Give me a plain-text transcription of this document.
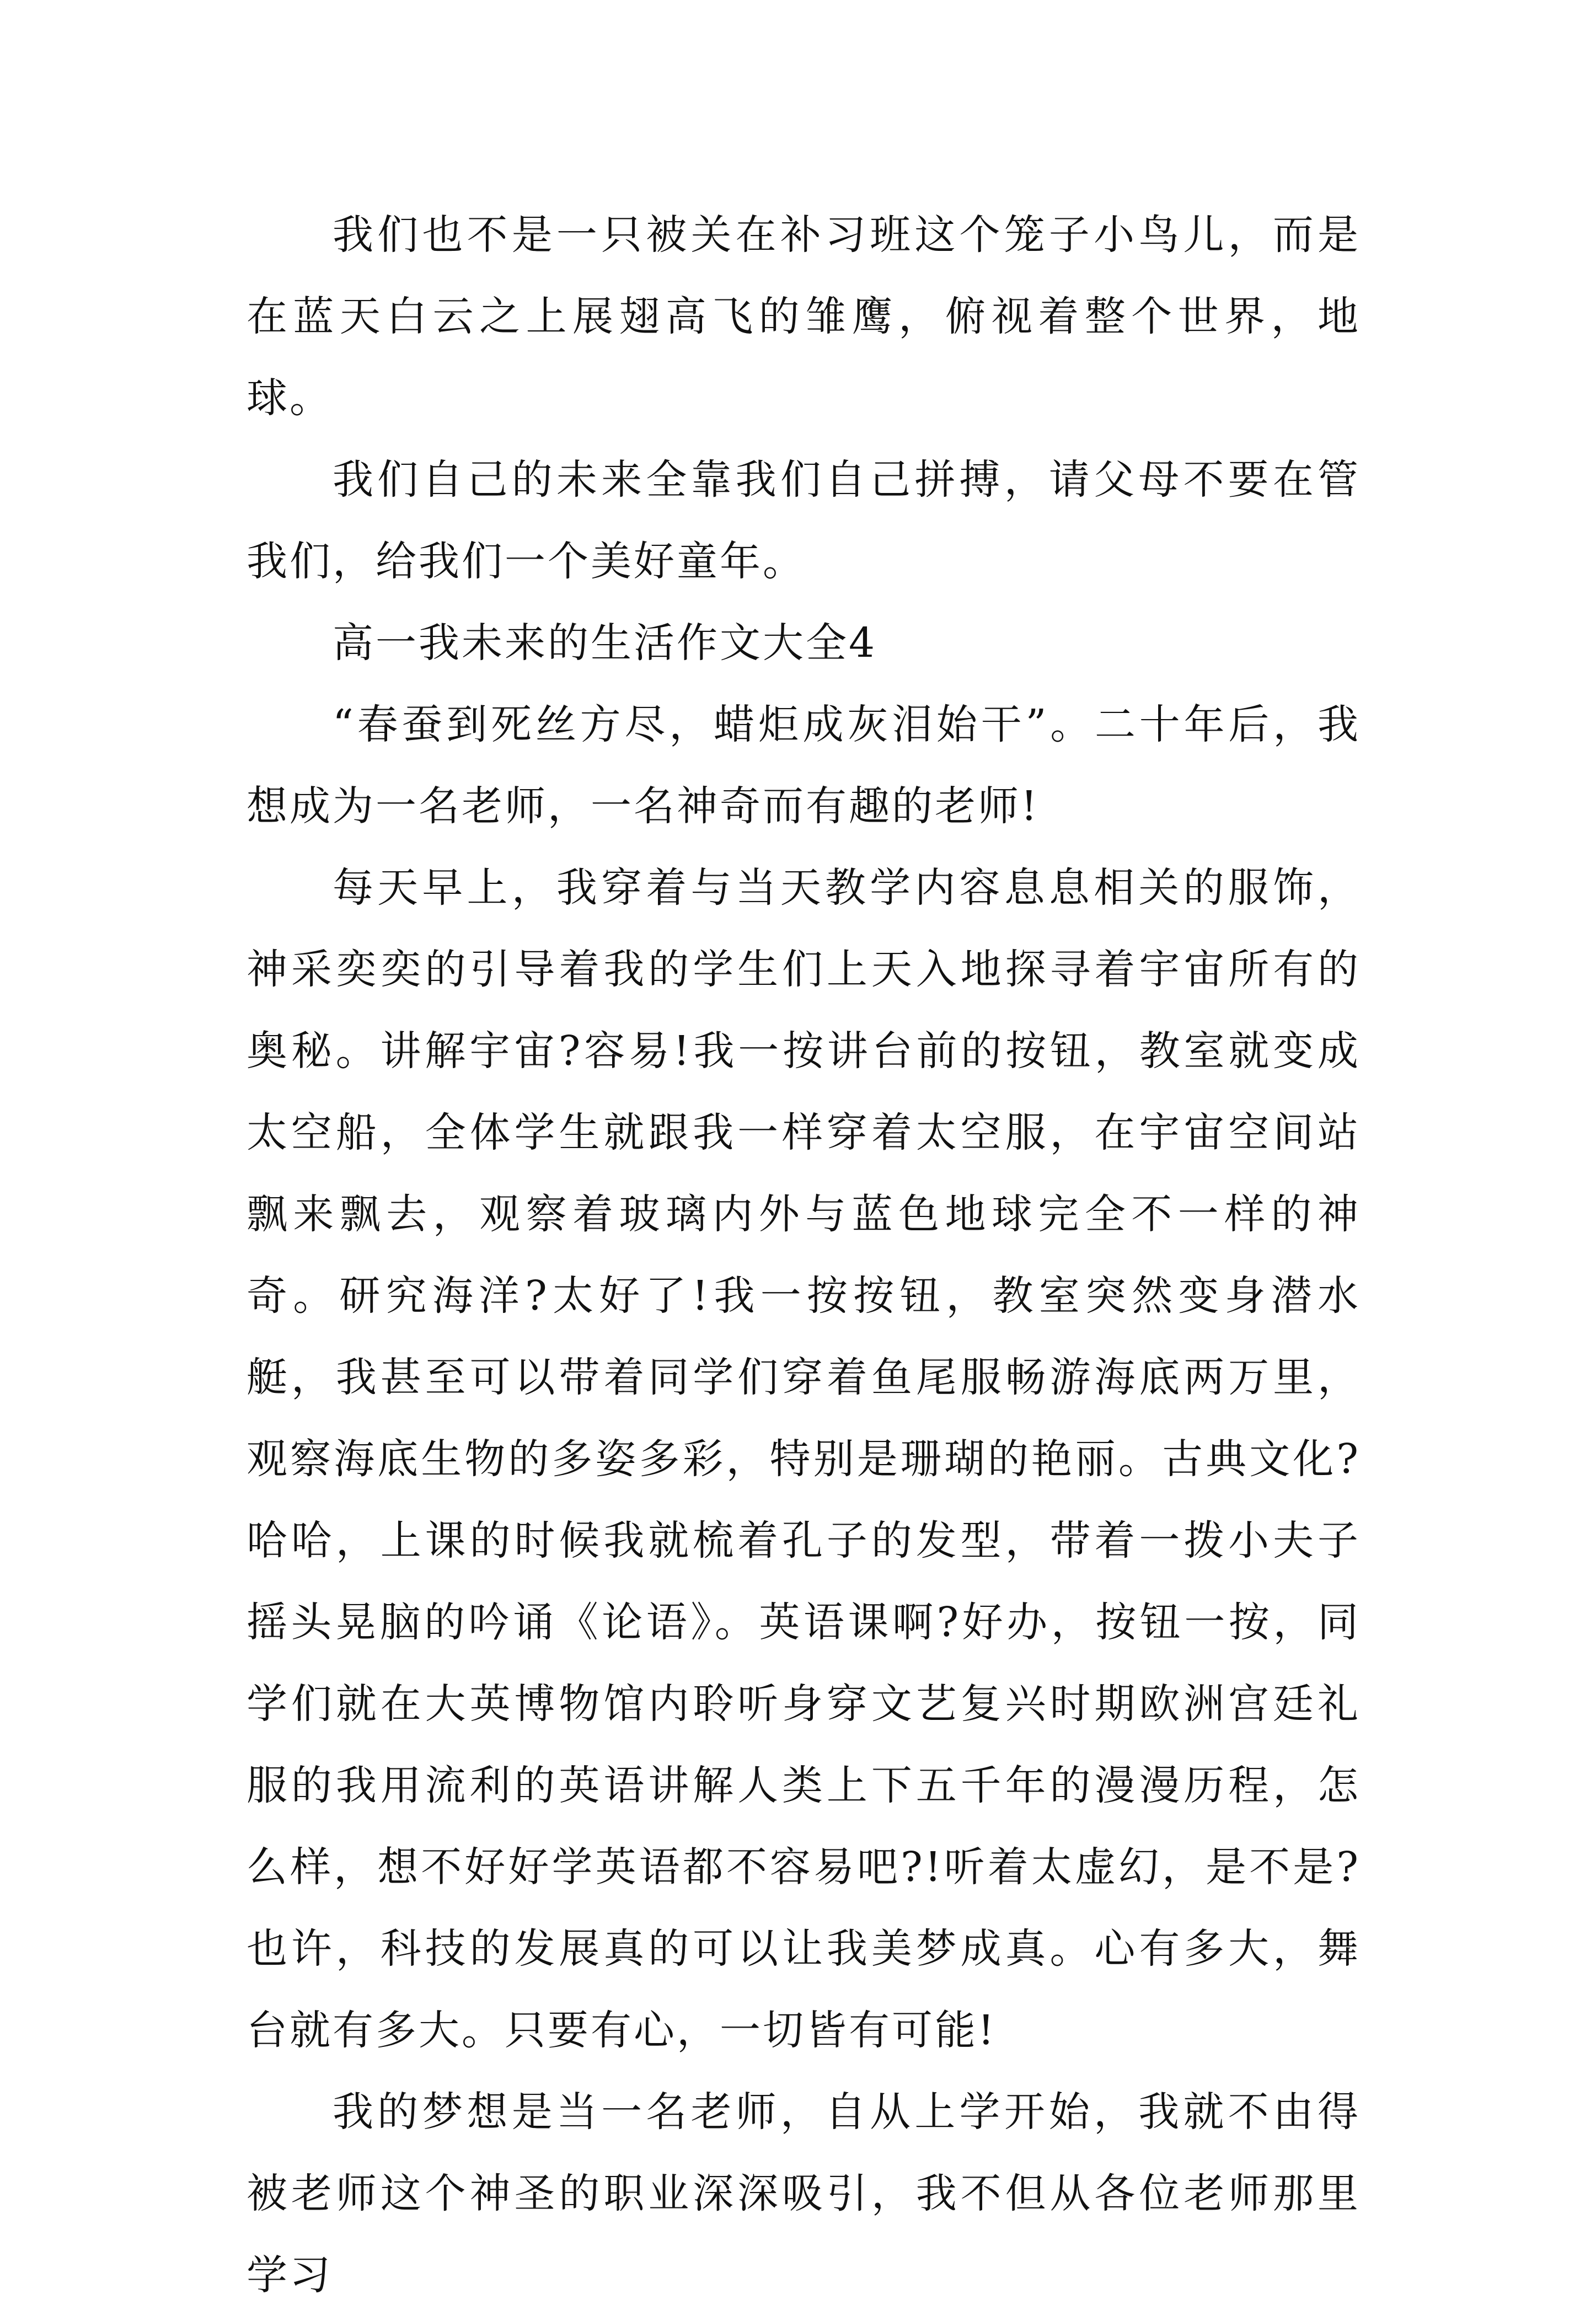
我们也不是一只被关在补习班这个笼子小鸟儿，而是在蓝天白云之上展翅高飞的雏鹰，俯视着整个世界，地球。

我们自己的未来全靠我们自己拼搏，请父母不要在管我们，给我们一个美好童年。

高一我未来的生活作文大全4

“春蚕到死丝方尽，蜡炬成灰泪始干”。二十年后，我想成为一名老师，一名神奇而有趣的老师!

每天早上，我穿着与当天教学内容息息相关的服饰，神采奕奕的引导着我的学生们上天入地探寻着宇宙所有的奥秘。讲解宇宙?容易!我一按讲台前的按钮，教室就变成太空船，全体学生就跟我一样穿着太空服，在宇宙空间站飘来飘去，观察着玻璃内外与蓝色地球完全不一样的神奇。研究海洋?太好了!我一按按钮，教室突然变身潜水艇，我甚至可以带着同学们穿着鱼尾服畅游海底两万里，观察海底生物的多姿多彩，特别是珊瑚的艳丽。古典文化?哈哈，上课的时候我就梳着孔子的发型，带着一拨小夫子摇头晃脑的吟诵《论语》。英语课啊?好办，按钮一按，同学们就在大英博物馆内聆听身穿文艺复兴时期欧洲宫廷礼服的我用流利的英语讲解人类上下五千年的漫漫历程，怎么样，想不好好学英语都不容易吧?!听着太虚幻，是不是?也许，科技的发展真的可以让我美梦成真。心有多大，舞台就有多大。只要有心，一切皆有可能!

我的梦想是当一名老师，自从上学开始，我就不由得被老师这个神圣的职业深深吸引，我不但从各位老师那里学习
